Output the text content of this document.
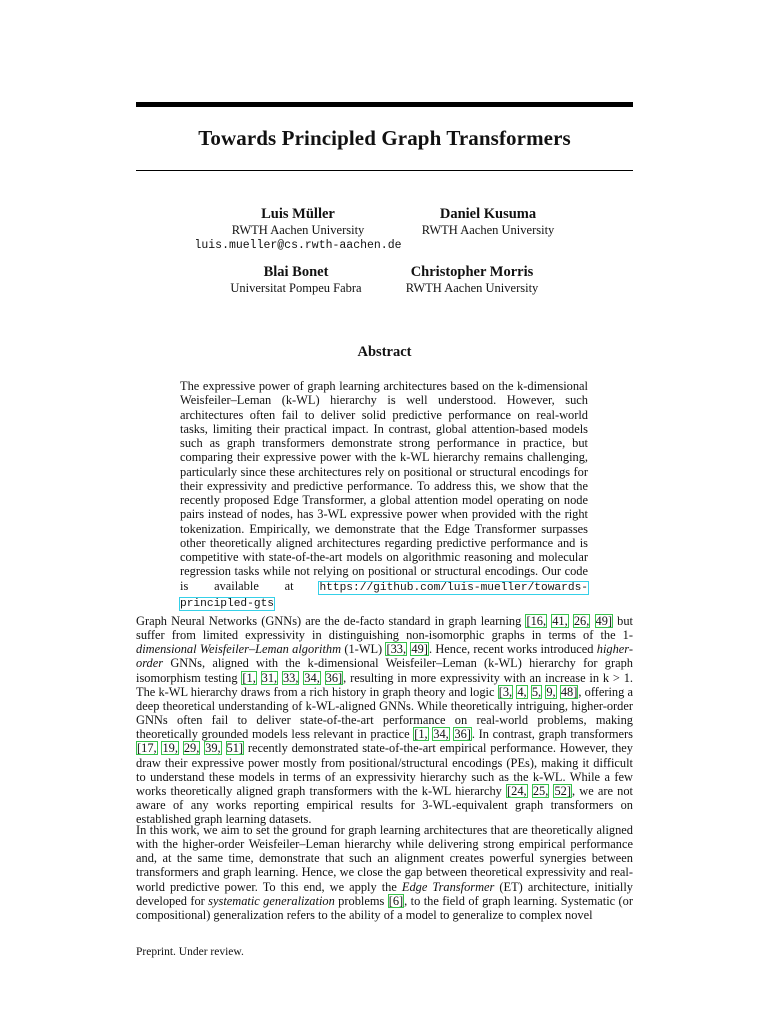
Towards Principled Graph Transformers
Luis Müller
RWTH Aachen University
luis.mueller@cs.rwth-aachen.de
Daniel Kusuma
RWTH Aachen University
Blai Bonet
Universitat Pompeu Fabra
Christopher Morris
RWTH Aachen University
Abstract
The expressive power of graph learning architectures based on the k-dimensional Weisfeiler–Leman (k-WL) hierarchy is well understood. However, such architectures often fail to deliver solid predictive performance on real-world tasks, limiting their practical impact. In contrast, global attention-based models such as graph transformers demonstrate strong performance in practice, but comparing their expressive power with the k-WL hierarchy remains challenging, particularly since these architectures rely on positional or structural encodings for their expressivity and predictive performance. To address this, we show that the recently proposed Edge Transformer, a global attention model operating on node pairs instead of nodes, has 3-WL expressive power when provided with the right tokenization. Empirically, we demonstrate that the Edge Transformer surpasses other theoretically aligned architectures regarding predictive performance and is competitive with state-of-the-art models on algorithmic reasoning and molecular regression tasks while not relying on positional or structural encodings. Our code is available at https://github.com/luis-mueller/towards-principled-gts
Graph Neural Networks (GNNs) are the de-facto standard in graph learning [16, 41, 26, 49] but suffer from limited expressivity in distinguishing non-isomorphic graphs in terms of the 1-dimensional Weisfeiler–Leman algorithm (1-WL) [33, 49]. Hence, recent works introduced higher-order GNNs, aligned with the k-dimensional Weisfeiler–Leman (k-WL) hierarchy for graph isomorphism testing [1, 31, 33, 34, 36], resulting in more expressivity with an increase in k > 1. The k-WL hierarchy draws from a rich history in graph theory and logic [3, 4, 5, 9, 48], offering a deep theoretical understanding of k-WL-aligned GNNs. While theoretically intriguing, higher-order GNNs often fail to deliver state-of-the-art performance on real-world problems, making theoretically grounded models less relevant in practice [1, 34, 36]. In contrast, graph transformers [17, 19, 29, 39, 51] recently demonstrated state-of-the-art empirical performance. However, they draw their expressive power mostly from positional/structural encodings (PEs), making it difficult to understand these models in terms of an expressivity hierarchy such as the k-WL. While a few works theoretically aligned graph transformers with the k-WL hierarchy [24, 25, 52], we are not aware of any works reporting empirical results for 3-WL-equivalent graph transformers on established graph learning datasets.
In this work, we aim to set the ground for graph learning architectures that are theoretically aligned with the higher-order Weisfeiler–Leman hierarchy while delivering strong empirical performance and, at the same time, demonstrate that such an alignment creates powerful synergies between transformers and graph learning. Hence, we close the gap between theoretical expressivity and real-world predictive power. To this end, we apply the Edge Transformer (ET) architecture, initially developed for systematic generalization problems [6], to the field of graph learning. Systematic (or compositional) generalization refers to the ability of a model to generalize to complex novel
Preprint. Under review.
